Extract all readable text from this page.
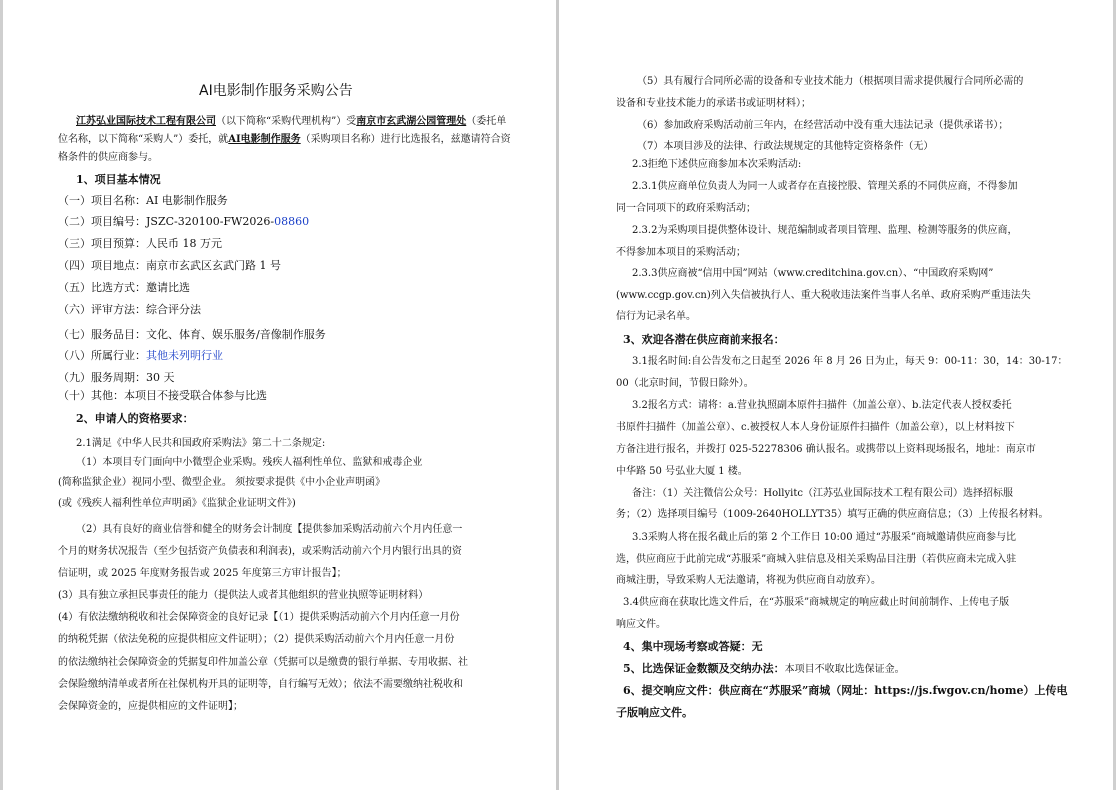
AI电影制作服务采购公告
江苏弘业国际技术工程有限公司（以下简称“采购代理机构”）受南京市玄武湖公园管理处（委托单
位名称，以下简称“采购人”）委托，就AI电影制作服务（采购项目名称）进行比选报名，兹邀请符合资
格条件的供应商参与。
1、项目基本情况
（一）项目名称：AI 电影制作服务
（二）项目编号：JSZC-320100-FW2026-08860
（三）项目预算：人民币 18 万元
（四）项目地点：南京市玄武区玄武门路 1 号
（五）比选方式：邀请比选
（六）评审方法：综合评分法
（七）服务品目：文化、体育、娱乐服务/音像制作服务
（八）所属行业：其他未列明行业
（九）服务周期：30 天
（十）其他：本项目不接受联合体参与比选
2、申请人的资格要求：
2.1满足《中华人民共和国政府采购法》第二十二条规定:
（1）本项目专门面向中小微型企业采购。残疾人福利性单位、监狱和戒毒企业
(简称监狱企业）视同小型、微型企业。 须按要求提供《中小企业声明函》
(或《残疾人福利性单位声明函》《监狱企业证明文件》)
（2）具有良好的商业信誉和健全的财务会计制度【提供参加采购活动前六个月内任意一
个月的财务状况报告（至少包括资产负债表和利润表)，或采购活动前六个月内银行出具的资
信证明，或 2025 年度财务报告或 2025 年度第三方审计报告】；
(3）具有独立承担民事责任的能力（提供法人或者其他组织的营业执照等证明材料）
(4）有依法缴纳税收和社会保障资金的良好记录【（1）提供采购活动前六个月内任意一月份
的纳税凭据（依法免税的应提供相应文件证明）；（2）提供采购活动前六个月内任意一月份
的依法缴纳社会保障资金的凭据复印件加盖公章（凭据可以是缴费的银行单据、专用收据、社
会保险缴纳清单或者所在社保机构开具的证明等，自行编写无效）；依法不需要缴纳社税收和
会保障资金的，应提供相应的文件证明】；
（5）具有履行合同所必需的设备和专业技术能力（根据项目需求提供履行合同所必需的
设备和专业技术能力的承诺书或证明材料）；
（6）参加政府采购活动前三年内，在经营活动中没有重大违法记录（提供承诺书）；
（7）本项目涉及的法律、行政法规规定的其他特定资格条件（无）
2.3拒绝下述供应商参加本次采购活动:
2.3.1供应商单位负责人为同一人或者存在直接控股、管理关系的不同供应商，不得参加
同一合同项下的政府采购活动；
2.3.2为采购项目提供整体设计、规范编制或者项目管理、监理、检测等服务的供应商，
不得参加本项目的采购活动；
2.3.3供应商被“信用中国”网站（www.creditchina.gov.cn）、“中国政府采购网”
(www.ccgp.gov.cn)列入失信被执行人、重大税收违法案件当事人名单、政府采购严重违法失
信行为记录名单。
3、欢迎各潜在供应商前来报名：
3.1报名时间:自公告发布之日起至 2026 年 8 月 26 日为止，每天 9：00-11：30，14：30-17：
00（北京时间，节假日除外）。
3.2报名方式：请将：a.营业执照副本原件扫描件（加盖公章）、b.法定代表人授权委托
书原件扫描件（加盖公章）、c.被授权人本人身份证原件扫描件（加盖公章），以上材料按下
方备注进行报名，并拨打 025-52278306 确认报名。或携带以上资料现场报名，地址：南京市
中华路 50 号弘业大厦 1 楼。
备注：（1）关注微信公众号：Hollyitc（江苏弘业国际技术工程有限公司）选择招标服
务；（2）选择项目编号（1009-2640HOLLYT35）填写正确的供应商信息；（3）上传报名材料。
3.3采购人将在报名截止后的第 2 个工作日 10:00 通过“苏服采”商城邀请供应商参与比
选，供应商应于此前完成“苏服采”商城入驻信息及相关采购品目注册（若供应商未完成入驻
商城注册，导致采购人无法邀请，将视为供应商自动放弃）。
3.4供应商在获取比选文件后，在“苏服采”商城规定的响应截止时间前制作、上传电子版
响应文件。
4、集中现场考察或答疑：无
5、比选保证金数额及交纳办法：本项目不收取比选保证金。
6、提交响应文件：供应商在“苏服采”商城（网址：https://js.fwgov.cn/home）上传电
子版响应文件。
